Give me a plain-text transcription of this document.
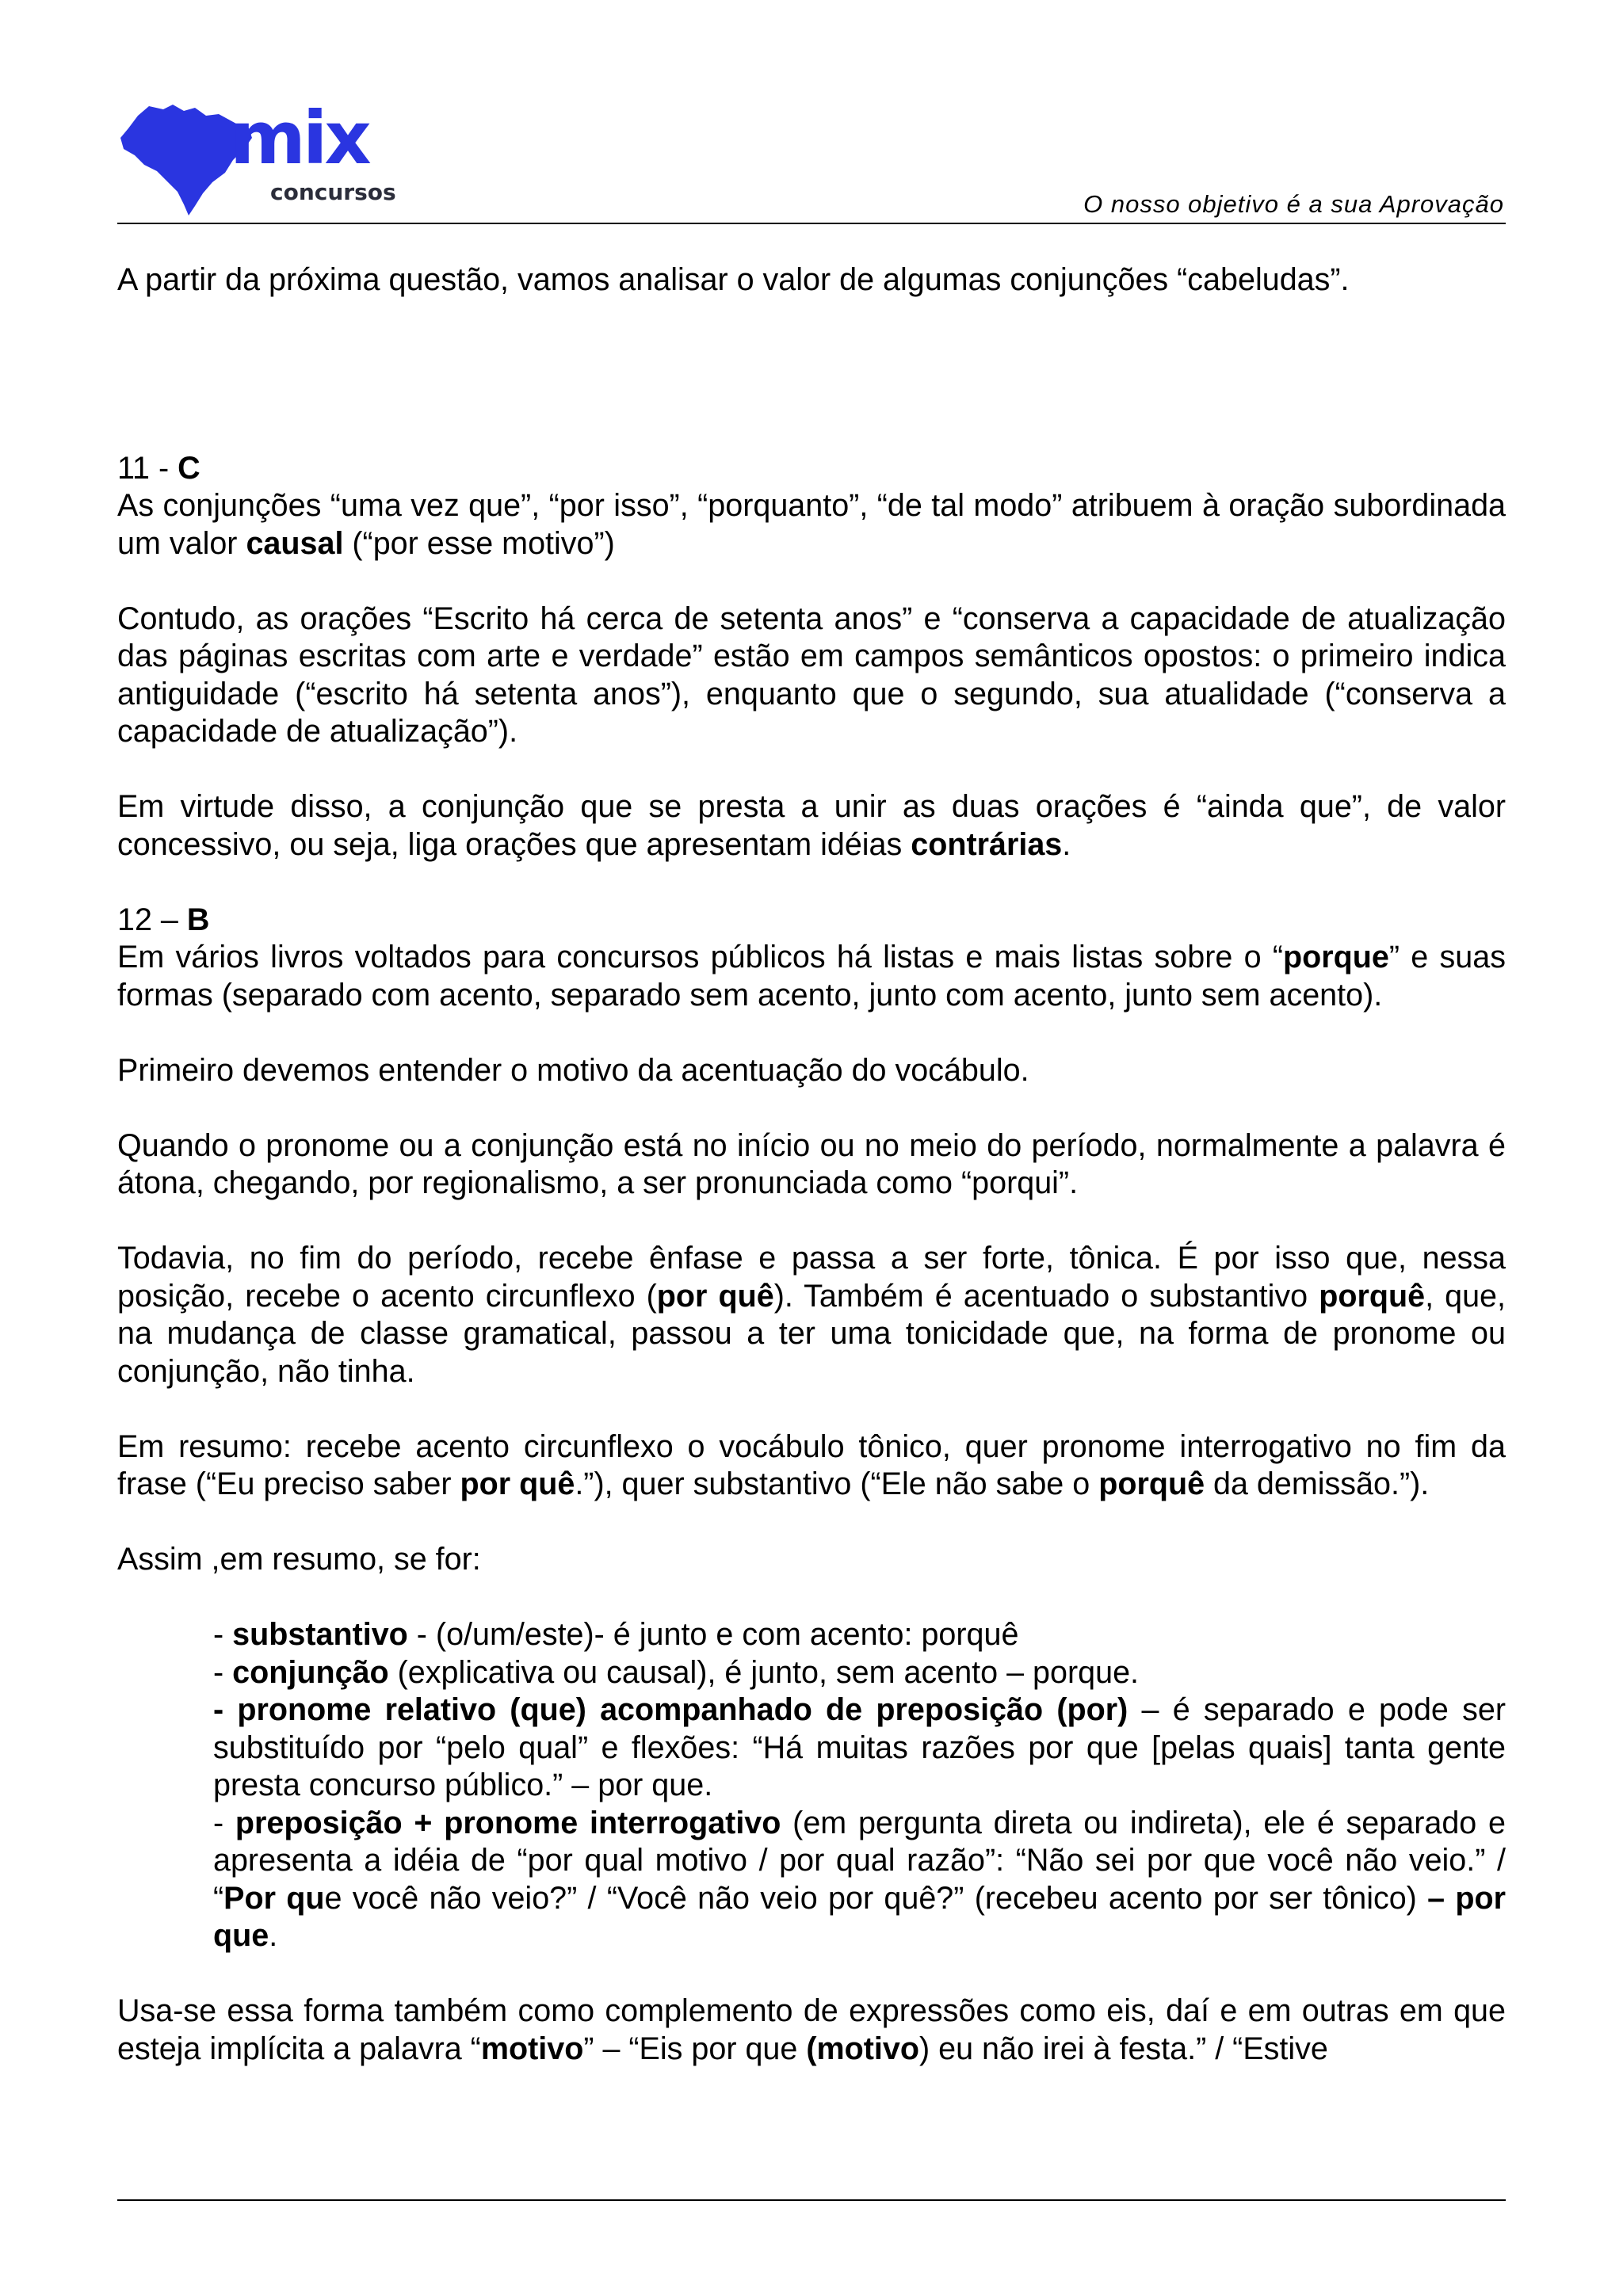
mix
concursos	O nosso objetivo é a sua Aprovação

A partir da próxima questão, vamos analisar o valor de algumas conjunções “cabeludas”.

11 - C

As conjunções “uma vez que”, “por isso”, “porquanto”, “de tal modo” atribuem à oração subordinada um valor causal (“por esse motivo”)

Contudo, as orações “Escrito há cerca de setenta anos” e “conserva a capacidade de atualização das páginas escritas com arte e verdade” estão em campos semânticos opostos: o primeiro indica antiguidade (“escrito há setenta anos”), enquanto que o segundo, sua atualidade (“conserva a capacidade de atualização”).

Em virtude disso, a conjunção que se presta a unir as duas orações é “ainda que”, de valor concessivo, ou seja, liga orações que apresentam idéias contrárias.

12 – B

Em vários livros voltados para concursos públicos há listas e mais listas sobre o “porque” e suas formas (separado com acento, separado sem acento, junto com acento, junto sem acento).

Primeiro devemos entender o motivo da acentuação do vocábulo.

Quando o pronome ou a conjunção está no início ou no meio do período, normalmente a palavra é átona, chegando, por regionalismo, a ser pronunciada como “porqui”.

Todavia, no fim do período, recebe ênfase e passa a ser forte, tônica. É por isso que, nessa posição, recebe o acento circunflexo (por quê). Também é acentuado o substantivo porquê, que, na mudança de classe gramatical, passou a ter uma tonicidade que, na forma de pronome ou conjunção, não tinha.

Em resumo: recebe acento circunflexo o vocábulo tônico, quer pronome interrogativo no fim da frase (“Eu preciso saber por quê.”), quer substantivo (“Ele não sabe o porquê da demissão.”).

Assim ,em resumo, se for:

- substantivo - (o/um/este)- é junto e com acento: porquê

- conjunção (explicativa ou causal), é junto, sem acento – porque.

- pronome relativo (que) acompanhado de preposição (por) – é separado e pode ser substituído por “pelo qual” e flexões: “Há muitas razões por que [pelas quais] tanta gente presta concurso público.” – por que.

- preposição + pronome interrogativo (em pergunta direta ou indireta), ele é separado e apresenta a idéia de “por qual motivo / por qual razão”: “Não sei por que você não veio.” / “Por que você não veio?” / “Você não veio por quê?” (recebeu acento por ser tônico) – por que.

Usa-se essa forma também como complemento de expressões como eis, daí e em outras em que esteja implícita a palavra “motivo” – “Eis por que (motivo) eu não irei à festa.” / “Estive
